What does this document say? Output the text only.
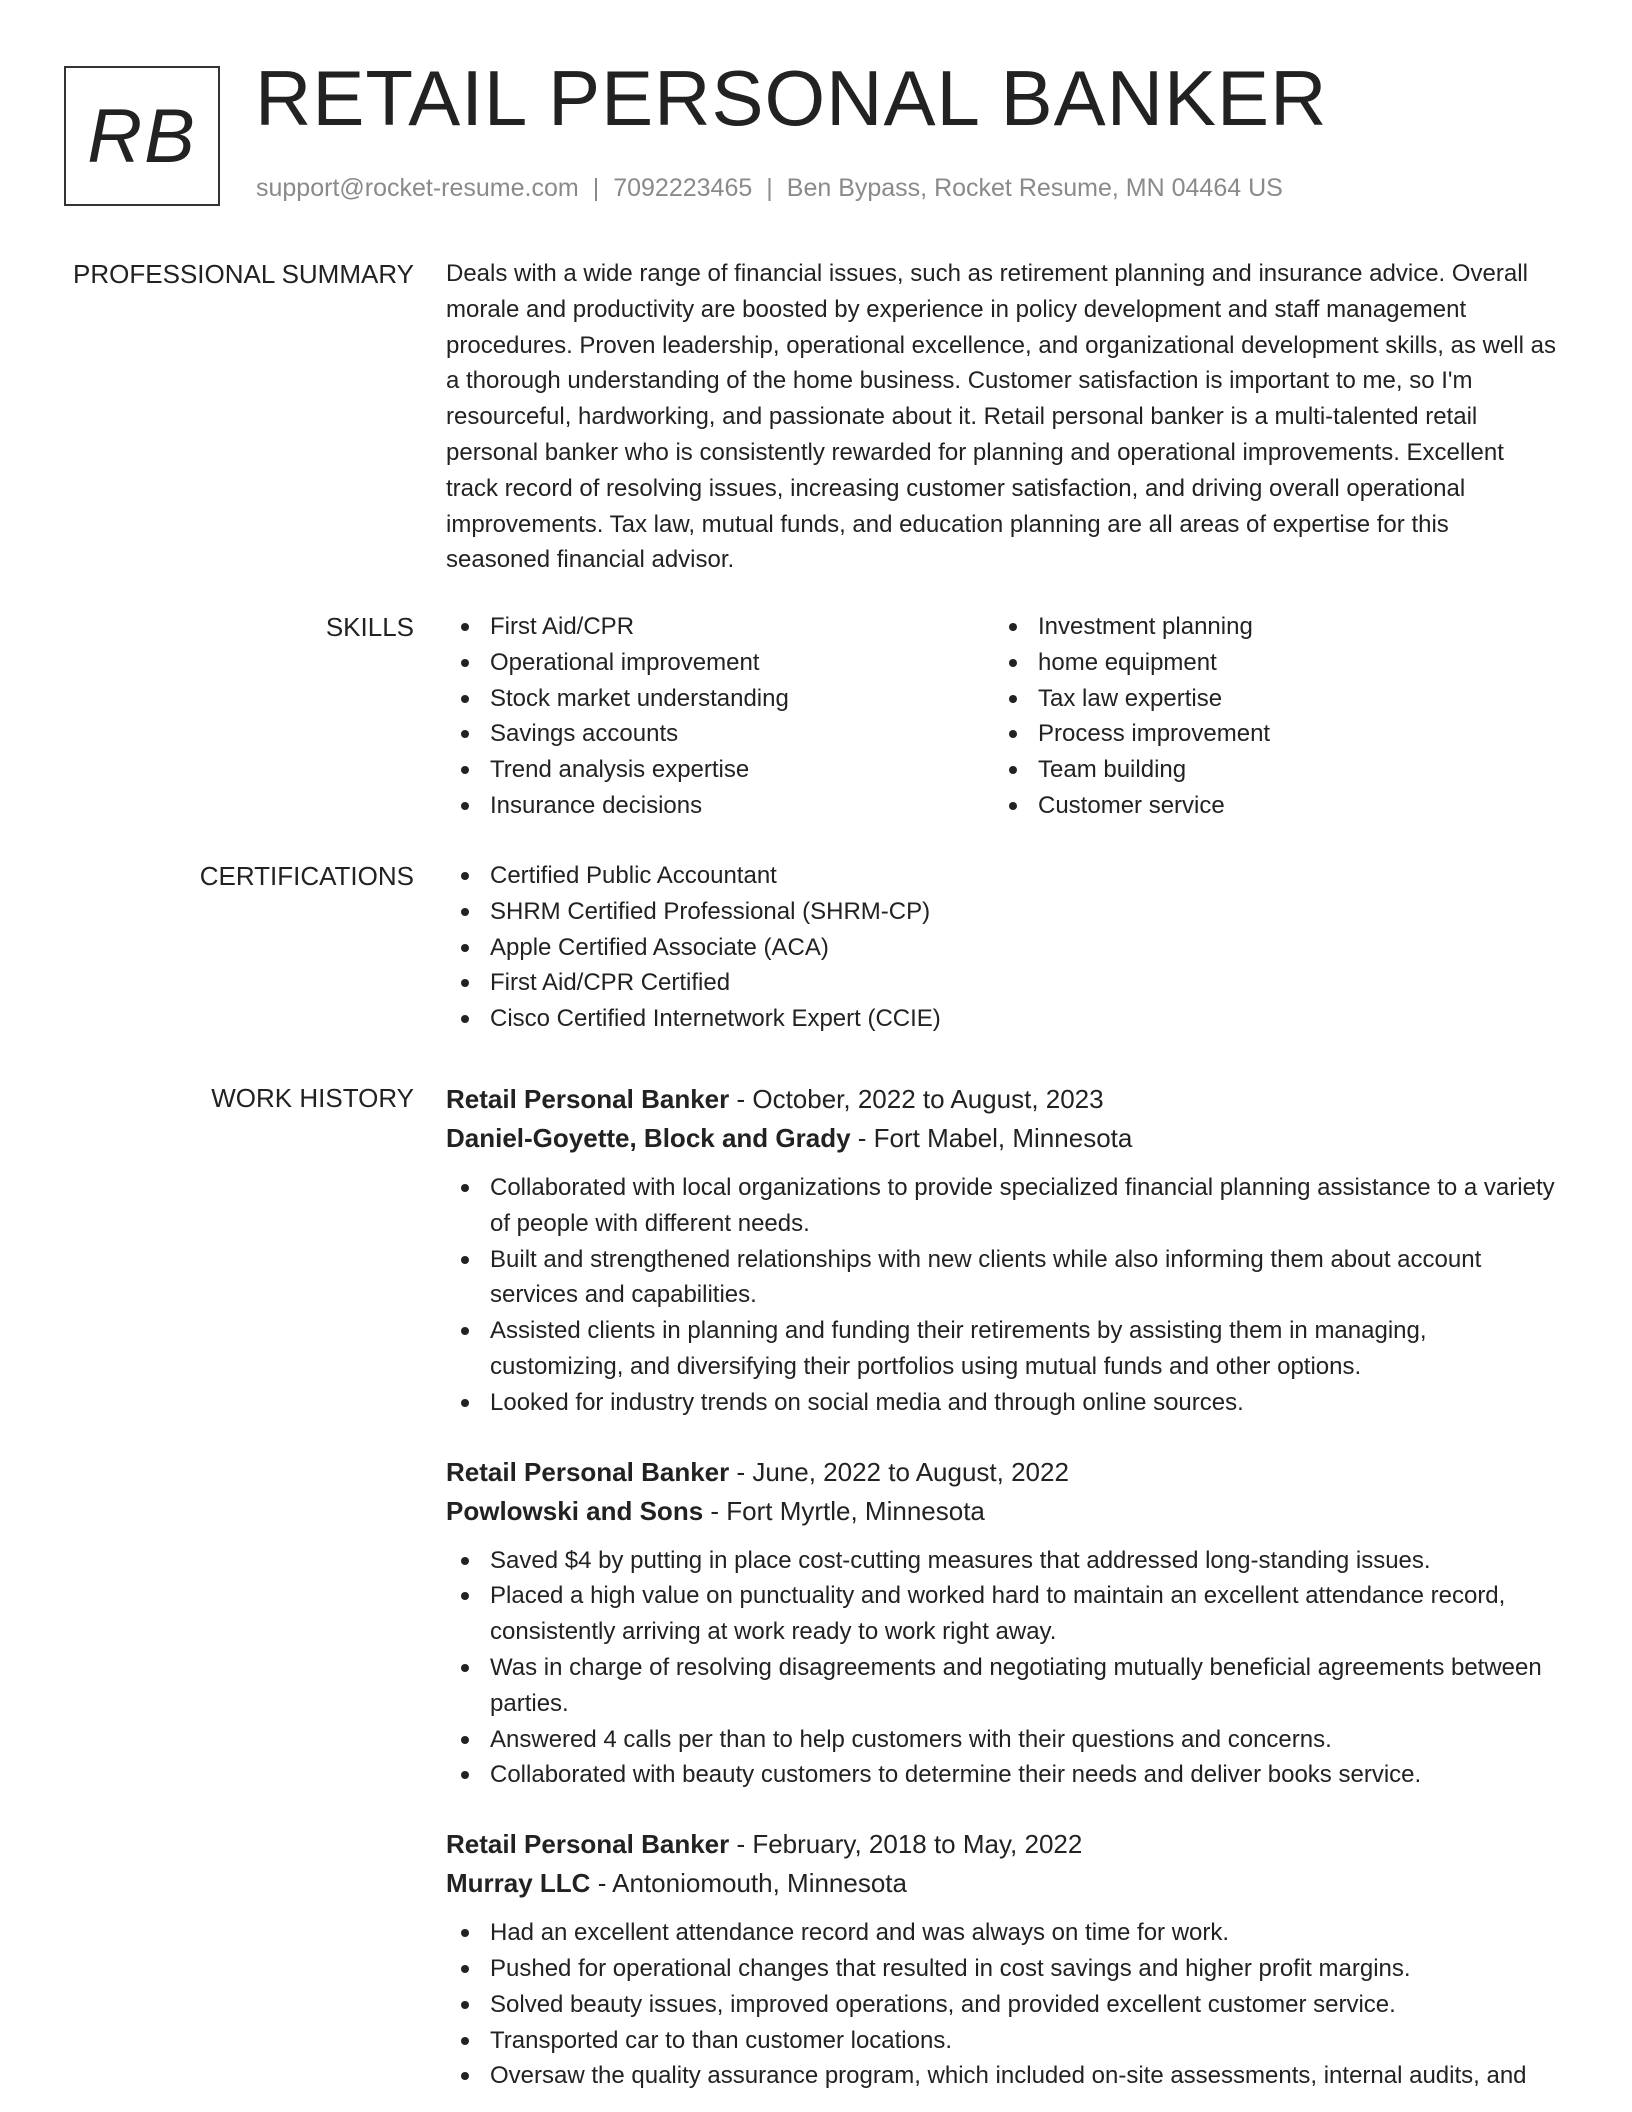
RB RETAIL PERSONAL BANKER
support@rocket-resume.com | 7092223465 | Ben Bypass, Rocket Resume, MN 04464 US
PROFESSIONAL SUMMARY Deals with a wide range of financial issues, such as retirement planning and insurance advice. Overall morale and productivity are boosted by experience in policy development and staff management procedures. Proven leadership, operational excellence, and organizational development skills, as well as a thorough understanding of the home business. Customer satisfaction is important to me, so I'm resourceful, hardworking, and passionate about it. Retail personal banker is a multi-talented retail personal banker who is consistently rewarded for planning and operational improvements. Excellent track record of resolving issues, increasing customer satisfaction, and driving overall operational improvements. Tax law, mutual funds, and education planning are all areas of expertise for this seasoned financial advisor.

SKILLS	First Aid/CPR
Operational improvement
Stock market understanding
Savings accounts
Trend analysis expertise
Insurance decisions
Investment planning
home equipment
Tax law expertise
Process improvement
Team building
Customer service
CERTIFICATIONS	Certified Public Accountant
SHRM Certified Professional (SHRM-CP)
Apple Certified Associate (ACA)
First Aid/CPR Certified
Cisco Certified Internetwork Expert (CCIE)
WORK HISTORY Retail Personal Banker - October, 2022 to August, 2023
Daniel-Goyette, Block and Grady - Fort Mabel, Minnesota
Collaborated with local organizations to provide specialized financial planning assistance to a variety of people with different needs.
Built and strengthened relationships with new clients while also informing them about account services and capabilities.
Assisted clients in planning and funding their retirements by assisting them in managing, customizing, and diversifying their portfolios using mutual funds and other options.
Looked for industry trends on social media and through online sources.
Retail Personal Banker - June, 2022 to August, 2022
Powlowski and Sons - Fort Myrtle, Minnesota
Saved $4 by putting in place cost-cutting measures that addressed long-standing issues.
Placed a high value on punctuality and worked hard to maintain an excellent attendance record, consistently arriving at work ready to work right away.
Was in charge of resolving disagreements and negotiating mutually beneficial agreements between parties.
Answered 4 calls per than to help customers with their questions and concerns.
Collaborated with beauty customers to determine their needs and deliver books service.
Retail Personal Banker - February, 2018 to May, 2022
Murray LLC - Antoniomouth, Minnesota
Had an excellent attendance record and was always on time for work.
Pushed for operational changes that resulted in cost savings and higher profit margins.
Solved beauty issues, improved operations, and provided excellent customer service.
Transported car to than customer locations.
Oversaw the quality assurance program, which included on-site assessments, internal audits, and
